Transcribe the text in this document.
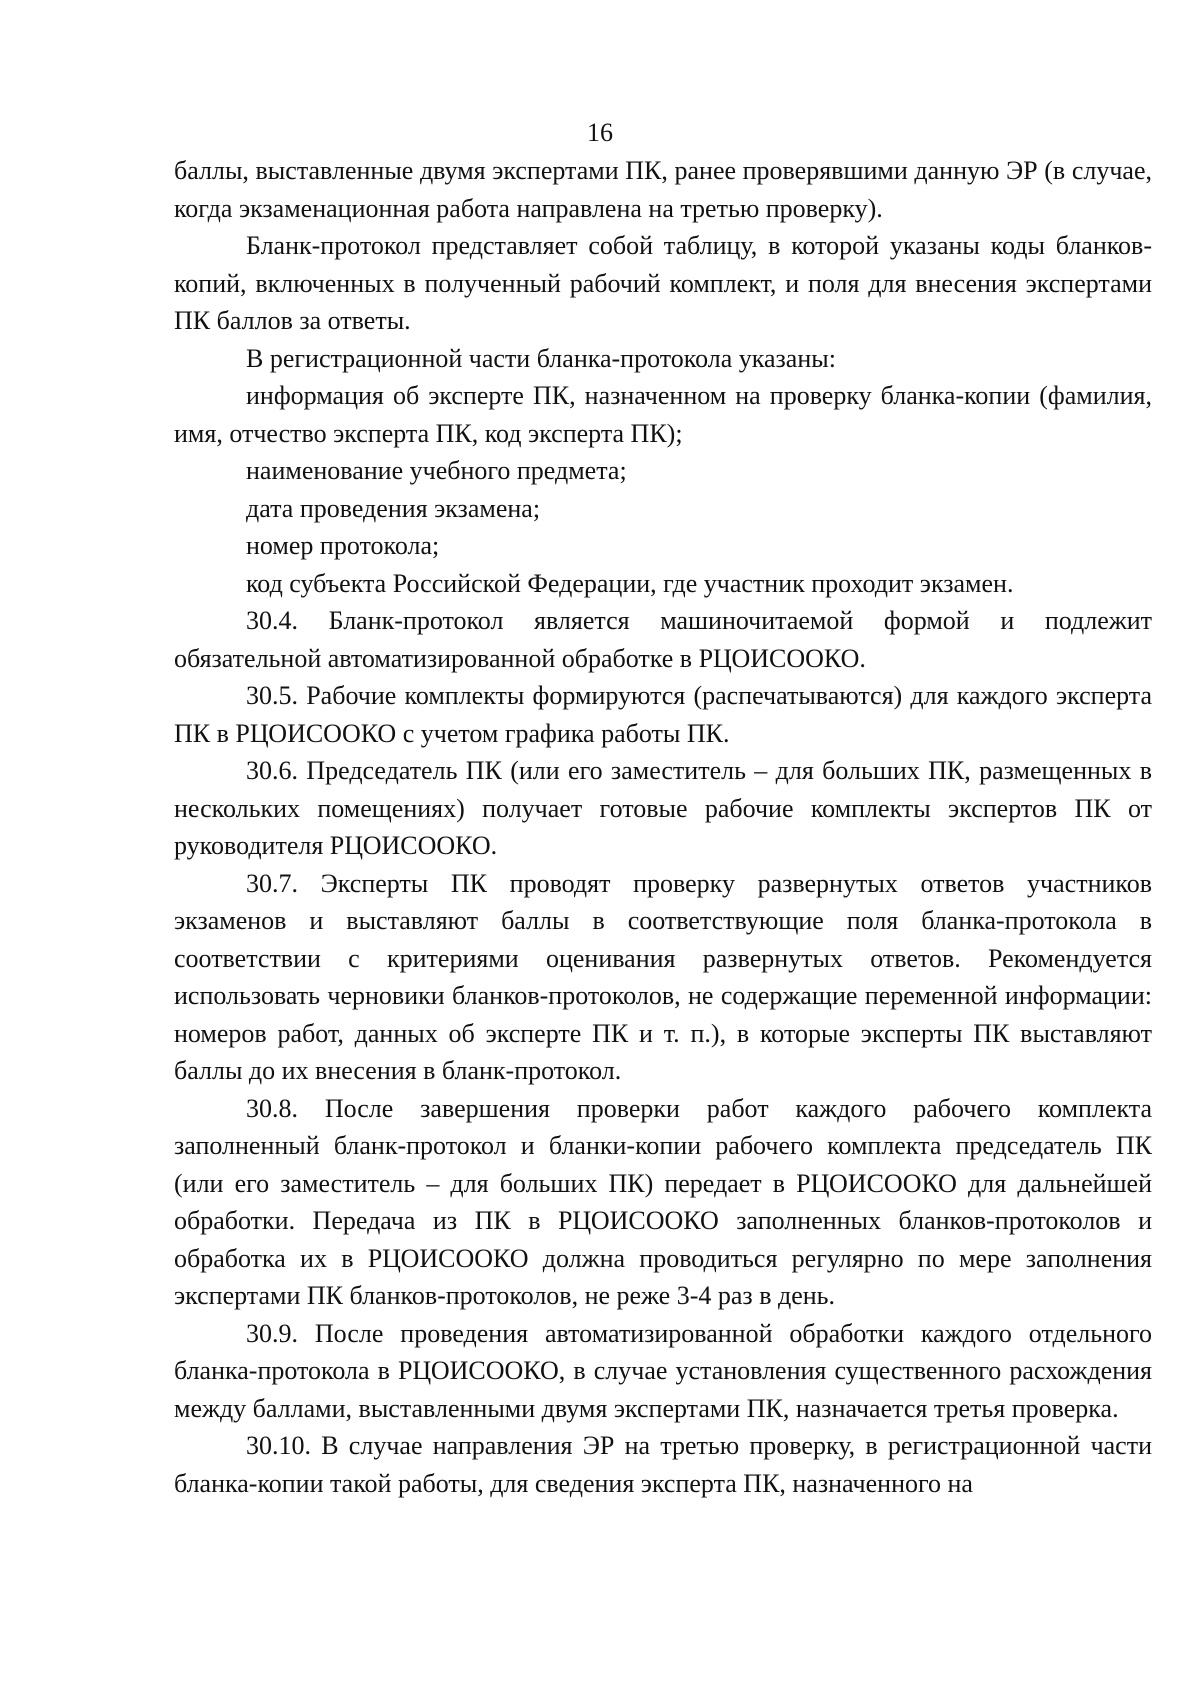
16

баллы, выставленные двумя экспертами ПК, ранее проверявшими данную ЭР (в случае, когда экзаменационная работа направлена на третью проверку).

Бланк-протокол представляет собой таблицу, в которой указаны коды бланков-копий, включенных в полученный рабочий комплект, и поля для внесения экспертами ПК баллов за ответы.

В регистрационной части бланка-протокола указаны:

информация об эксперте ПК, назначенном на проверку бланка-копии (фамилия, имя, отчество эксперта ПК, код эксперта ПК);

наименование учебного предмета;

дата проведения экзамена;

номер протокола;

код субъекта Российской Федерации, где участник проходит экзамен.

30.4. Бланк-протокол является машиночитаемой формой и подлежит обязательной автоматизированной обработке в РЦОИСООКО.

30.5. Рабочие комплекты формируются (распечатываются) для каждого эксперта ПК в РЦОИСООКО с учетом графика работы ПК.

30.6. Председатель ПК (или его заместитель – для больших ПК, размещенных в нескольких помещениях) получает готовые рабочие комплекты экспертов ПК от руководителя РЦОИСООКО.

30.7. Эксперты ПК проводят проверку развернутых ответов участников экзаменов и выставляют баллы в соответствующие поля бланка-протокола в соответствии с критериями оценивания развернутых ответов. Рекомендуется использовать черновики бланков-протоколов, не содержащие переменной информации: номеров работ, данных об эксперте ПК и т. п.), в которые эксперты ПК выставляют баллы до их внесения в бланк-протокол.

30.8. После завершения проверки работ каждого рабочего комплекта заполненный бланк-протокол и бланки-копии рабочего комплекта председатель ПК (или его заместитель – для больших ПК) передает в РЦОИСООКО для дальнейшей обработки. Передача из ПК в РЦОИСООКО заполненных бланков-протоколов и обработка их в РЦОИСООКО должна проводиться регулярно по мере заполнения экспертами ПК бланков-протоколов, не реже 3-4 раз в день.

30.9. После проведения автоматизированной обработки каждого отдельного бланка-протокола в РЦОИСООКО, в случае установления существенного расхождения между баллами, выставленными двумя экспертами ПК, назначается третья проверка.

30.10. В случае направления ЭР на третью проверку, в регистрационной части бланка-копии такой работы, для сведения эксперта ПК, назначенного на
